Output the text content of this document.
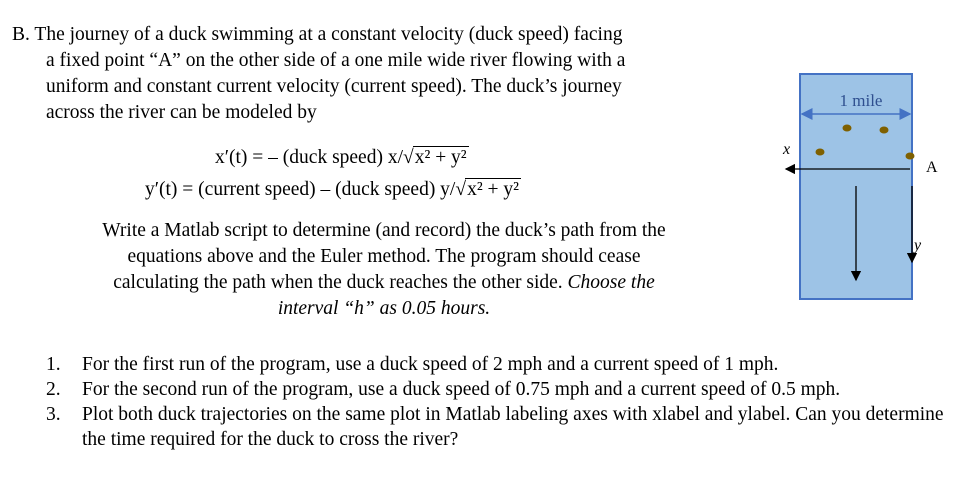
B. The journey of a duck swimming at a constant velocity (duck speed) facing
a fixed point “A” on the other side of a one mile wide river flowing with a
uniform and constant current velocity (current speed). The duck’s journey
across the river can be modeled by
x′(t) = – (duck speed) x/√x² + y²
y′(t) = (current speed) – (duck speed) y/√x² + y²
Write a Matlab script to determine (and record) the duck’s path from the
equations above and the Euler method. The program should cease
calculating the path when the duck reaches the other side. Choose the
interval “h” as 0.05 hours.
1. For the first run of the program, use a duck speed of 2 mph and a current speed of 1 mph.
2. For the second run of the program, use a duck speed of 0.75 mph and a current speed of 0.5 mph.
3. Plot both duck trajectories on the same plot in Matlab labeling axes with xlabel and ylabel. Can you determine the time required for the duck to cross the river?
1 mile
x
y
A
